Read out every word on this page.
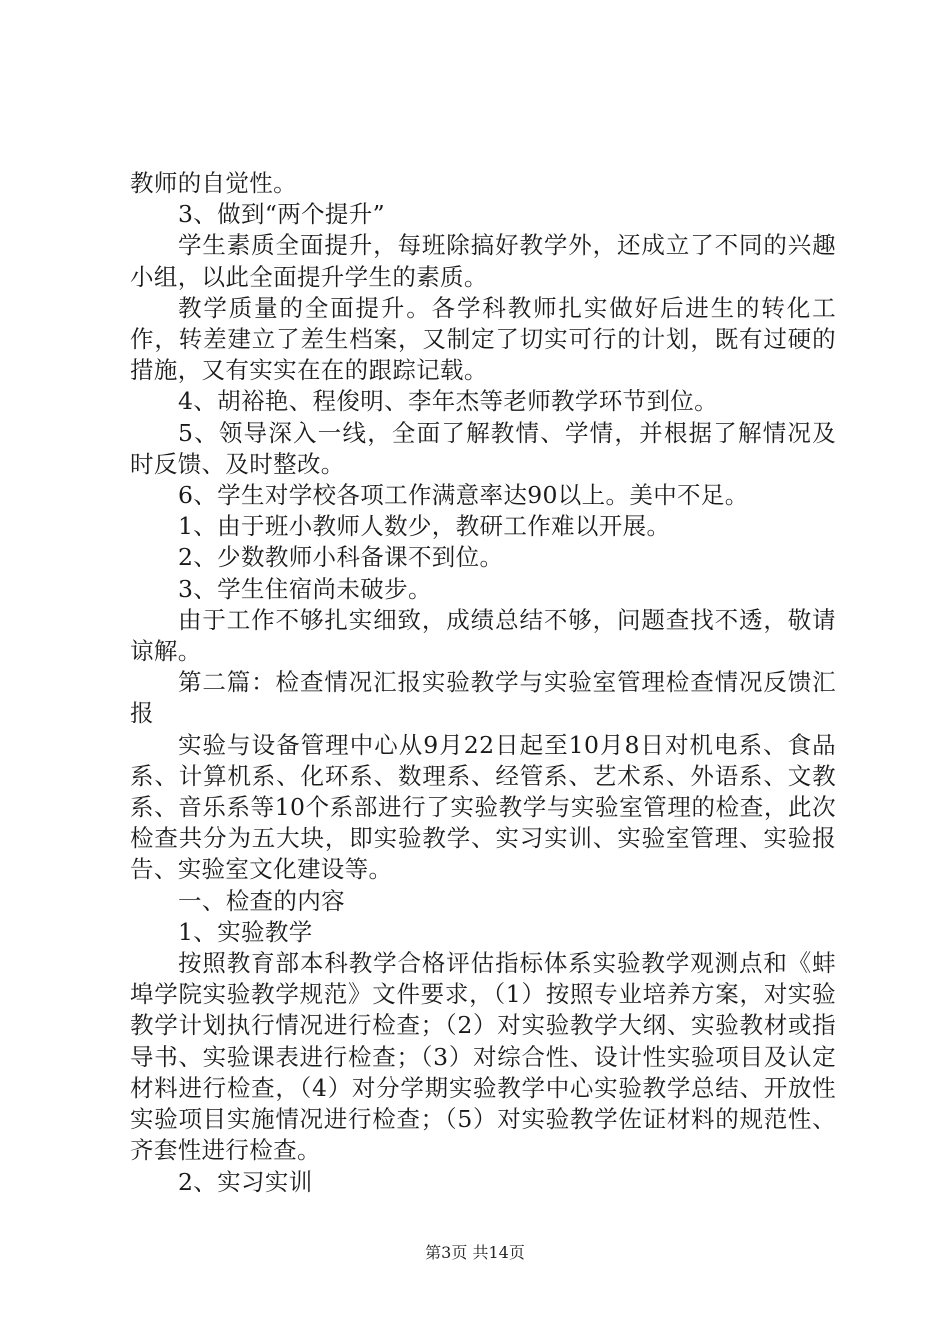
教师的自觉性。

3、做到“两个提升”

学生素质全面提升，每班除搞好教学外，还成立了不同的兴趣小组，以此全面提升学生的素质。

教学质量的全面提升。各学科教师扎实做好后进生的转化工作，转差建立了差生档案，又制定了切实可行的计划，既有过硬的措施，又有实实在在的跟踪记载。

4、胡裕艳、程俊明、李年杰等老师教学环节到位。

5、领导深入一线，全面了解教情、学情，并根据了解情况及时反馈、及时整改。

6、学生对学校各项工作满意率达90以上。美中不足。

1、由于班小教师人数少，教研工作难以开展。

2、少数教师小科备课不到位。

3、学生住宿尚未破步。

由于工作不够扎实细致，成绩总结不够，问题查找不透，敬请谅解。

第二篇：检查情况汇报实验教学与实验室管理检查情况反馈汇报

实验与设备管理中心从9月22日起至10月8日对机电系、食品系、计算机系、化环系、数理系、经管系、艺术系、外语系、文教系、音乐系等10个系部进行了实验教学与实验室管理的检查，此次检查共分为五大块，即实验教学、实习实训、实验室管理、实验报告、实验室文化建设等。

一、检查的内容

1、实验教学

按照教育部本科教学合格评估指标体系实验教学观测点和《蚌埠学院实验教学规范》文件要求，（1）按照专业培养方案，对实验教学计划执行情况进行检查；（2）对实验教学大纲、实验教材或指导书、实验课表进行检查；（3）对综合性、设计性实验项目及认定材料进行检查，（4）对分学期实验教学中心实验教学总结、开放性实验项目实施情况进行检查；（5）对实验教学佐证材料的规范性、齐套性进行检查。

2、实习实训

第3页 共14页
